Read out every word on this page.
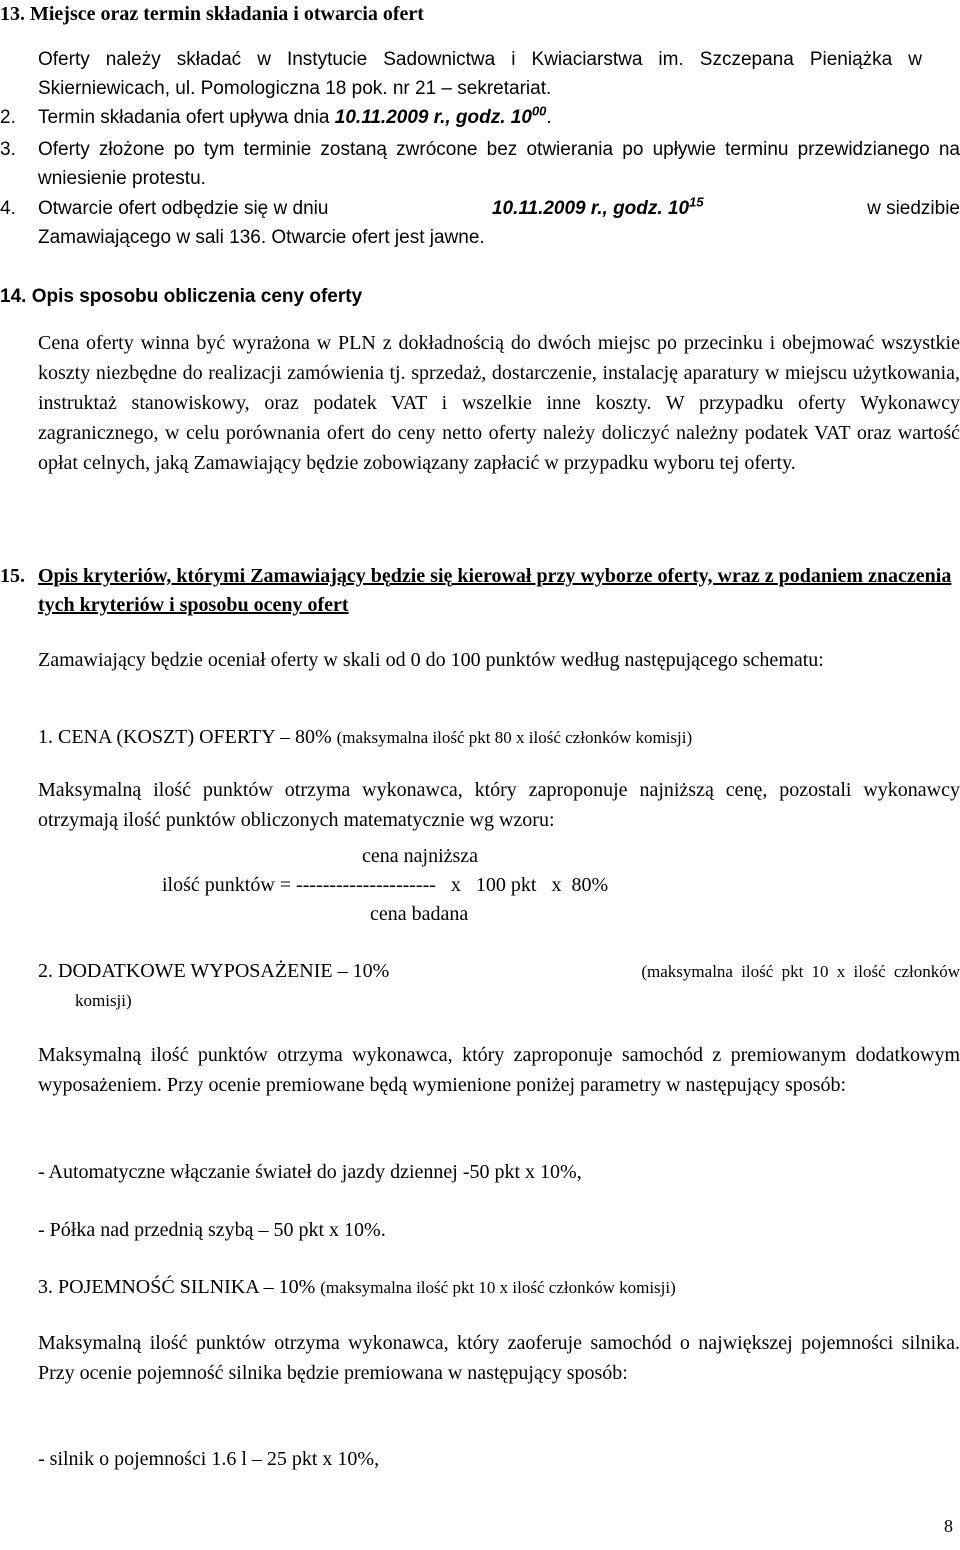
13. Miejsce oraz termin składania i otwarcia ofert
Oferty należy składać w Instytucie Sadownictwa i Kwiaciarstwa im. Szczepana Pieniążka w Skierniewicach, ul. Pomologiczna 18 pok. nr 21 – sekretariat.
2. Termin składania ofert upływa dnia 10.11.2009 r., godz. $10^{00}$.
3. Oferty złożone po tym terminie zostaną zwrócone bez otwierania po upływie terminu przewidzianego na wniesienie protestu.
4. Otwarcie ofert odbędzie się w dniu	10.11.2009 r., godz. $10^{15}$	w siedzibie
Zamawiającego w sali 136. Otwarcie ofert jest jawne.
14. Opis sposobu obliczenia ceny oferty
Cena oferty winna być wyrażona w PLN z dokładnością do dwóch miejsc po przecinku i obejmować wszystkie koszty niezbędne do realizacji zamówienia tj. sprzedaż, dostarczenie, instalację aparatury w miejscu użytkowania, instruktaż stanowiskowy, oraz podatek VAT i wszelkie inne koszty. W przypadku oferty Wykonawcy zagranicznego, w celu porównania ofert do ceny netto oferty należy doliczyć należny podatek VAT oraz wartość opłat celnych, jaką Zamawiający będzie zobowiązany zapłacić w przypadku wyboru tej oferty.
15. Opis kryteriów, którymi Zamawiający będzie się kierował przy wyborze oferty, wraz z podaniem znaczenia tych kryteriów i sposobu oceny ofert
Zamawiający będzie oceniał oferty w skali od 0 do 100 punktów według następującego schematu:
1. CENA (KOSZT) OFERTY – 80% (maksymalna ilość pkt 80 x ilość członków komisji)
Maksymalną ilość punktów otrzyma wykonawca, który zaproponuje najniższą cenę, pozostali wykonawcy otrzymają ilość punktów obliczonych matematycznie wg wzoru:
cena najniższa
ilość punktów = ---------------------   x   100 pkt   x  80%
cena badana
2. DODATKOWE WYPOSAŻENIE – 10%	(maksymalna ilość pkt 10 x ilość członków
komisji)
Maksymalną ilość punktów otrzyma wykonawca, który zaproponuje samochód z premiowanym dodatkowym wyposażeniem. Przy ocenie premiowane będą wymienione poniżej parametry w następujący sposób:
- Automatyczne włączanie świateł do jazdy dziennej -50 pkt x 10%,
- Półka nad przednią szybą – 50 pkt x 10%.
3. POJEMNOŚĆ SILNIKA – 10% (maksymalna ilość pkt 10 x ilość członków komisji)
Maksymalną ilość punktów otrzyma wykonawca, który zaoferuje samochód o największej pojemności silnika. Przy ocenie pojemność silnika będzie premiowana w następujący sposób:
- silnik o pojemności 1.6 l – 25 pkt x 10%,
8
